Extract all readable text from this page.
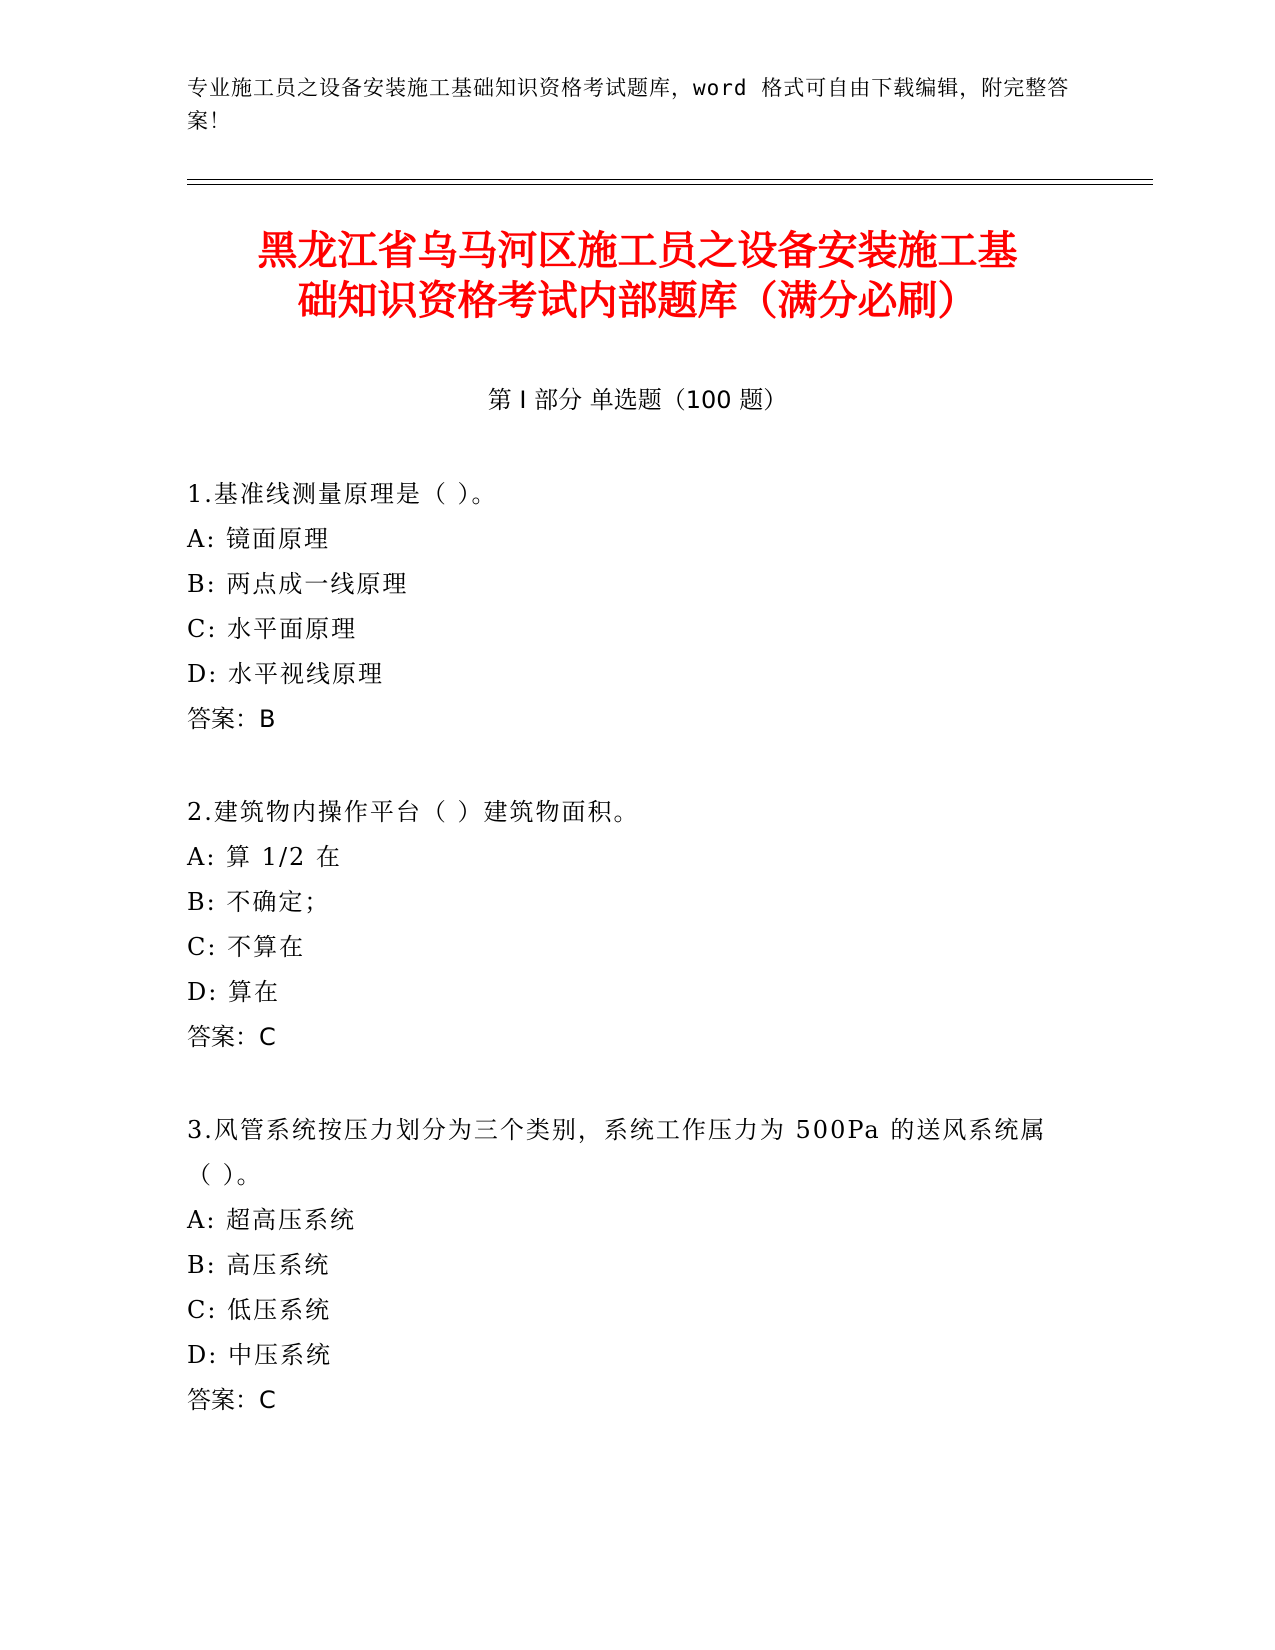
专业施工员之设备安装施工基础知识资格考试题库，word 格式可自由下载编辑，附完整答案！
黑龙江省乌马河区施工员之设备安装施工基
础知识资格考试内部题库（满分必刷）
第 I 部分 单选题（100 题）
1.基准线测量原理是（ ）。
A: 镜面原理
B: 两点成一线原理
C: 水平面原理
D: 水平视线原理
答案：B
2.建筑物内操作平台（ ）建筑物面积。
A: 算 1/2 在
B: 不确定；
C: 不算在
D: 算在
答案：C
3.风管系统按压力划分为三个类别，系统工作压力为 500Pa 的送风系统属（ ）。
A: 超高压系统
B: 高压系统
C: 低压系统
D: 中压系统
答案：C
